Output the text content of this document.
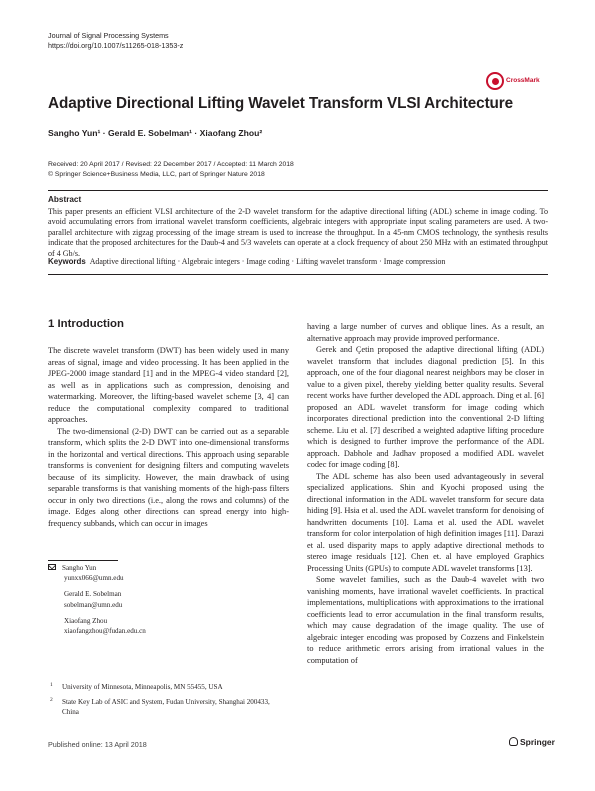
Journal of Signal Processing Systems
https://doi.org/10.1007/s11265-018-1353-z
CrossMark
Adaptive Directional Lifting Wavelet Transform VLSI Architecture
Sangho Yun¹ · Gerald E. Sobelman¹ · Xiaofang Zhou²
Received: 20 April 2017 / Revised: 22 December 2017 / Accepted: 11 March 2018
© Springer Science+Business Media, LLC, part of Springer Nature 2018
Abstract
This paper presents an efficient VLSI architecture of the 2-D wavelet transform for the adaptive directional lifting (ADL) scheme in image coding. To avoid accumulating errors from irrational wavelet transform coefficients, algebraic integers with appropriate input scaling parameters are used. A two-parallel architecture with zigzag processing of the image stream is used to increase the throughput. In a 45-nm CMOS technology, the synthesis results indicate that the proposed architectures for the Daub-4 and 5/3 wavelets can operate at a clock frequency of about 250 MHz with an estimated throughput of 4 Gb/s.
Keywords Adaptive directional lifting · Algebraic integers · Image coding · Lifting wavelet transform · Image compression
1 Introduction

The discrete wavelet transform (DWT) has been widely used in many areas of signal, image and video processing. It has been applied in the JPEG-2000 image standard [1] and in the MPEG-4 video standard [2], as well as in applications such as compression, denoising and watermarking. Moreover, the lifting-based wavelet scheme [3, 4] can reduce the computational complexity compared to traditional approaches.

The two-dimensional (2-D) DWT can be carried out as a separable transform, which splits the 2-D DWT into one-dimensional transforms in the horizontal and vertical directions. This approach using separable transforms is convenient for designing filters and computing wavelets because of its simplicity. However, the main drawback of using separable transforms is that vanishing moments of the high-pass filters occur in only two directions (i.e., along the rows and columns) of the image. Edges along other directions can spread energy into high-frequency subbands, which can occur in images

having a large number of curves and oblique lines. As a result, an alternative approach may provide improved performance.

Gerek and Çetin proposed the adaptive directional lifting (ADL) wavelet transform that includes diagonal prediction [5]. In this approach, one of the four diagonal nearest neighbors may be closer in value to a given pixel, thereby yielding better quality results. Several recent works have further developed the ADL approach. Ding et al. [6] proposed an ADL wavelet transform for image coding which incorporates directional prediction into the conventional 2-D lifting scheme. Liu et al. [7] described a weighted adaptive lifting procedure which is designed to further improve the performance of the ADL approach. Dabhole and Jadhav proposed a modified ADL wavelet codec for image coding [8].

The ADL scheme has also been used advantageously in several specialized applications. Shin and Kyochi proposed using the directional information in the ADL wavelet transform for secure data hiding [9]. Hsia et al. used the ADL wavelet transform for denoising of handwritten documents [10]. Lama et al. used the ADL wavelet transform for color interpolation of high definition images [11]. Darazi et al. used disparity maps to apply adaptive directional methods to stereo image residuals [12]. Chen et. al have employed Graphics Processing Units (GPUs) to compute ADL wavelet transforms [13].

Some wavelet families, such as the Daub-4 wavelet with two vanishing moments, have irrational wavelet coefficients. In practical implementations, multiplications with approximations to the irrational coefficients lead to error accumulation in the final transform results, which may cause degradation of the image quality. The use of algebraic integer encoding was proposed by Cozzens and Finkelstein to reduce arithmetic errors arising from irrational values in the computation of

Sangho Yun
yunxx066@umn.edu
Gerald E. Sobelman
sobelman@umn.edu
Xiaofang Zhou
xiaofangzhou@fudan.edu.cn
1 University of Minnesota, Minneapolis, MN 55455, USA
2 State Key Lab of ASIC and System, Fudan University, Shanghai 200433, China
Published online: 13 April 2018	Springer
